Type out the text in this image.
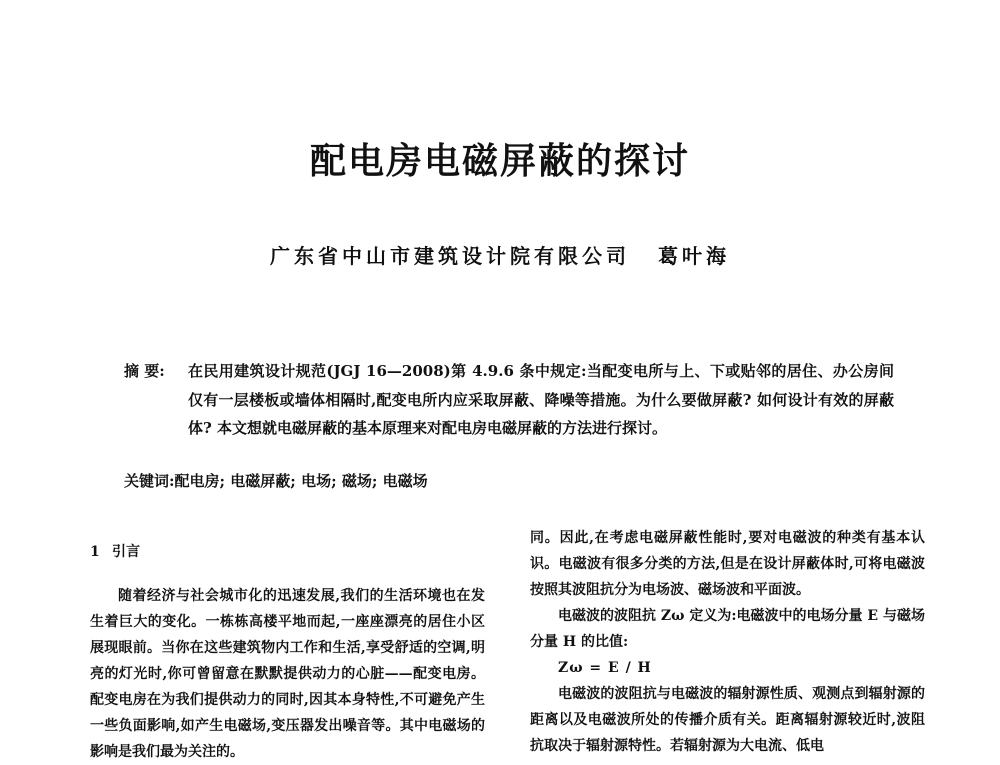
配电房电磁屏蔽的探讨
广东省中山市建筑设计院有限公司 葛叶海
摘 要:	在民用建筑设计规范(JGJ 16—2008)第 4.9.6 条中规定:当配变电所与上、下或贴邻的居住、办公房间仅有一层楼板或墙体相隔时,配变电所内应采取屏蔽、降噪等措施。为什么要做屏蔽? 如何设计有效的屏蔽体? 本文想就电磁屏蔽的基本原理来对配电房电磁屏蔽的方法进行探讨。
关键词:配电房; 电磁屏蔽; 电场; 磁场; 电磁场
1 引言

随着经济与社会城市化的迅速发展,我们的生活环境也在发生着巨大的变化。一栋栋高楼平地而起,一座座漂亮的居住小区展现眼前。当你在这些建筑物内工作和生活,享受舒适的空调,明亮的灯光时,你可曾留意在默默提供动力的心脏——配变电房。配变电房在为我们提供动力的同时,因其本身特性,不可避免产生一些负面影响,如产生电磁场,变压器发出噪音等。其中电磁场的影响是我们最为关注的。

同。因此,在考虑电磁屏蔽性能时,要对电磁波的种类有基本认识。电磁波有很多分类的方法,但是在设计屏蔽体时,可将电磁波按照其波阻抗分为电场波、磁场波和平面波。

电磁波的波阻抗 Zω 定义为:电磁波中的电场分量 E 与磁场分量 H 的比值:

Zω = E / H

电磁波的波阻抗与电磁波的辐射源性质、观测点到辐射源的距离以及电磁波所处的传播介质有关。距离辐射源较近时,波阻抗取决于辐射源特性。若辐射源为大电流、低电
